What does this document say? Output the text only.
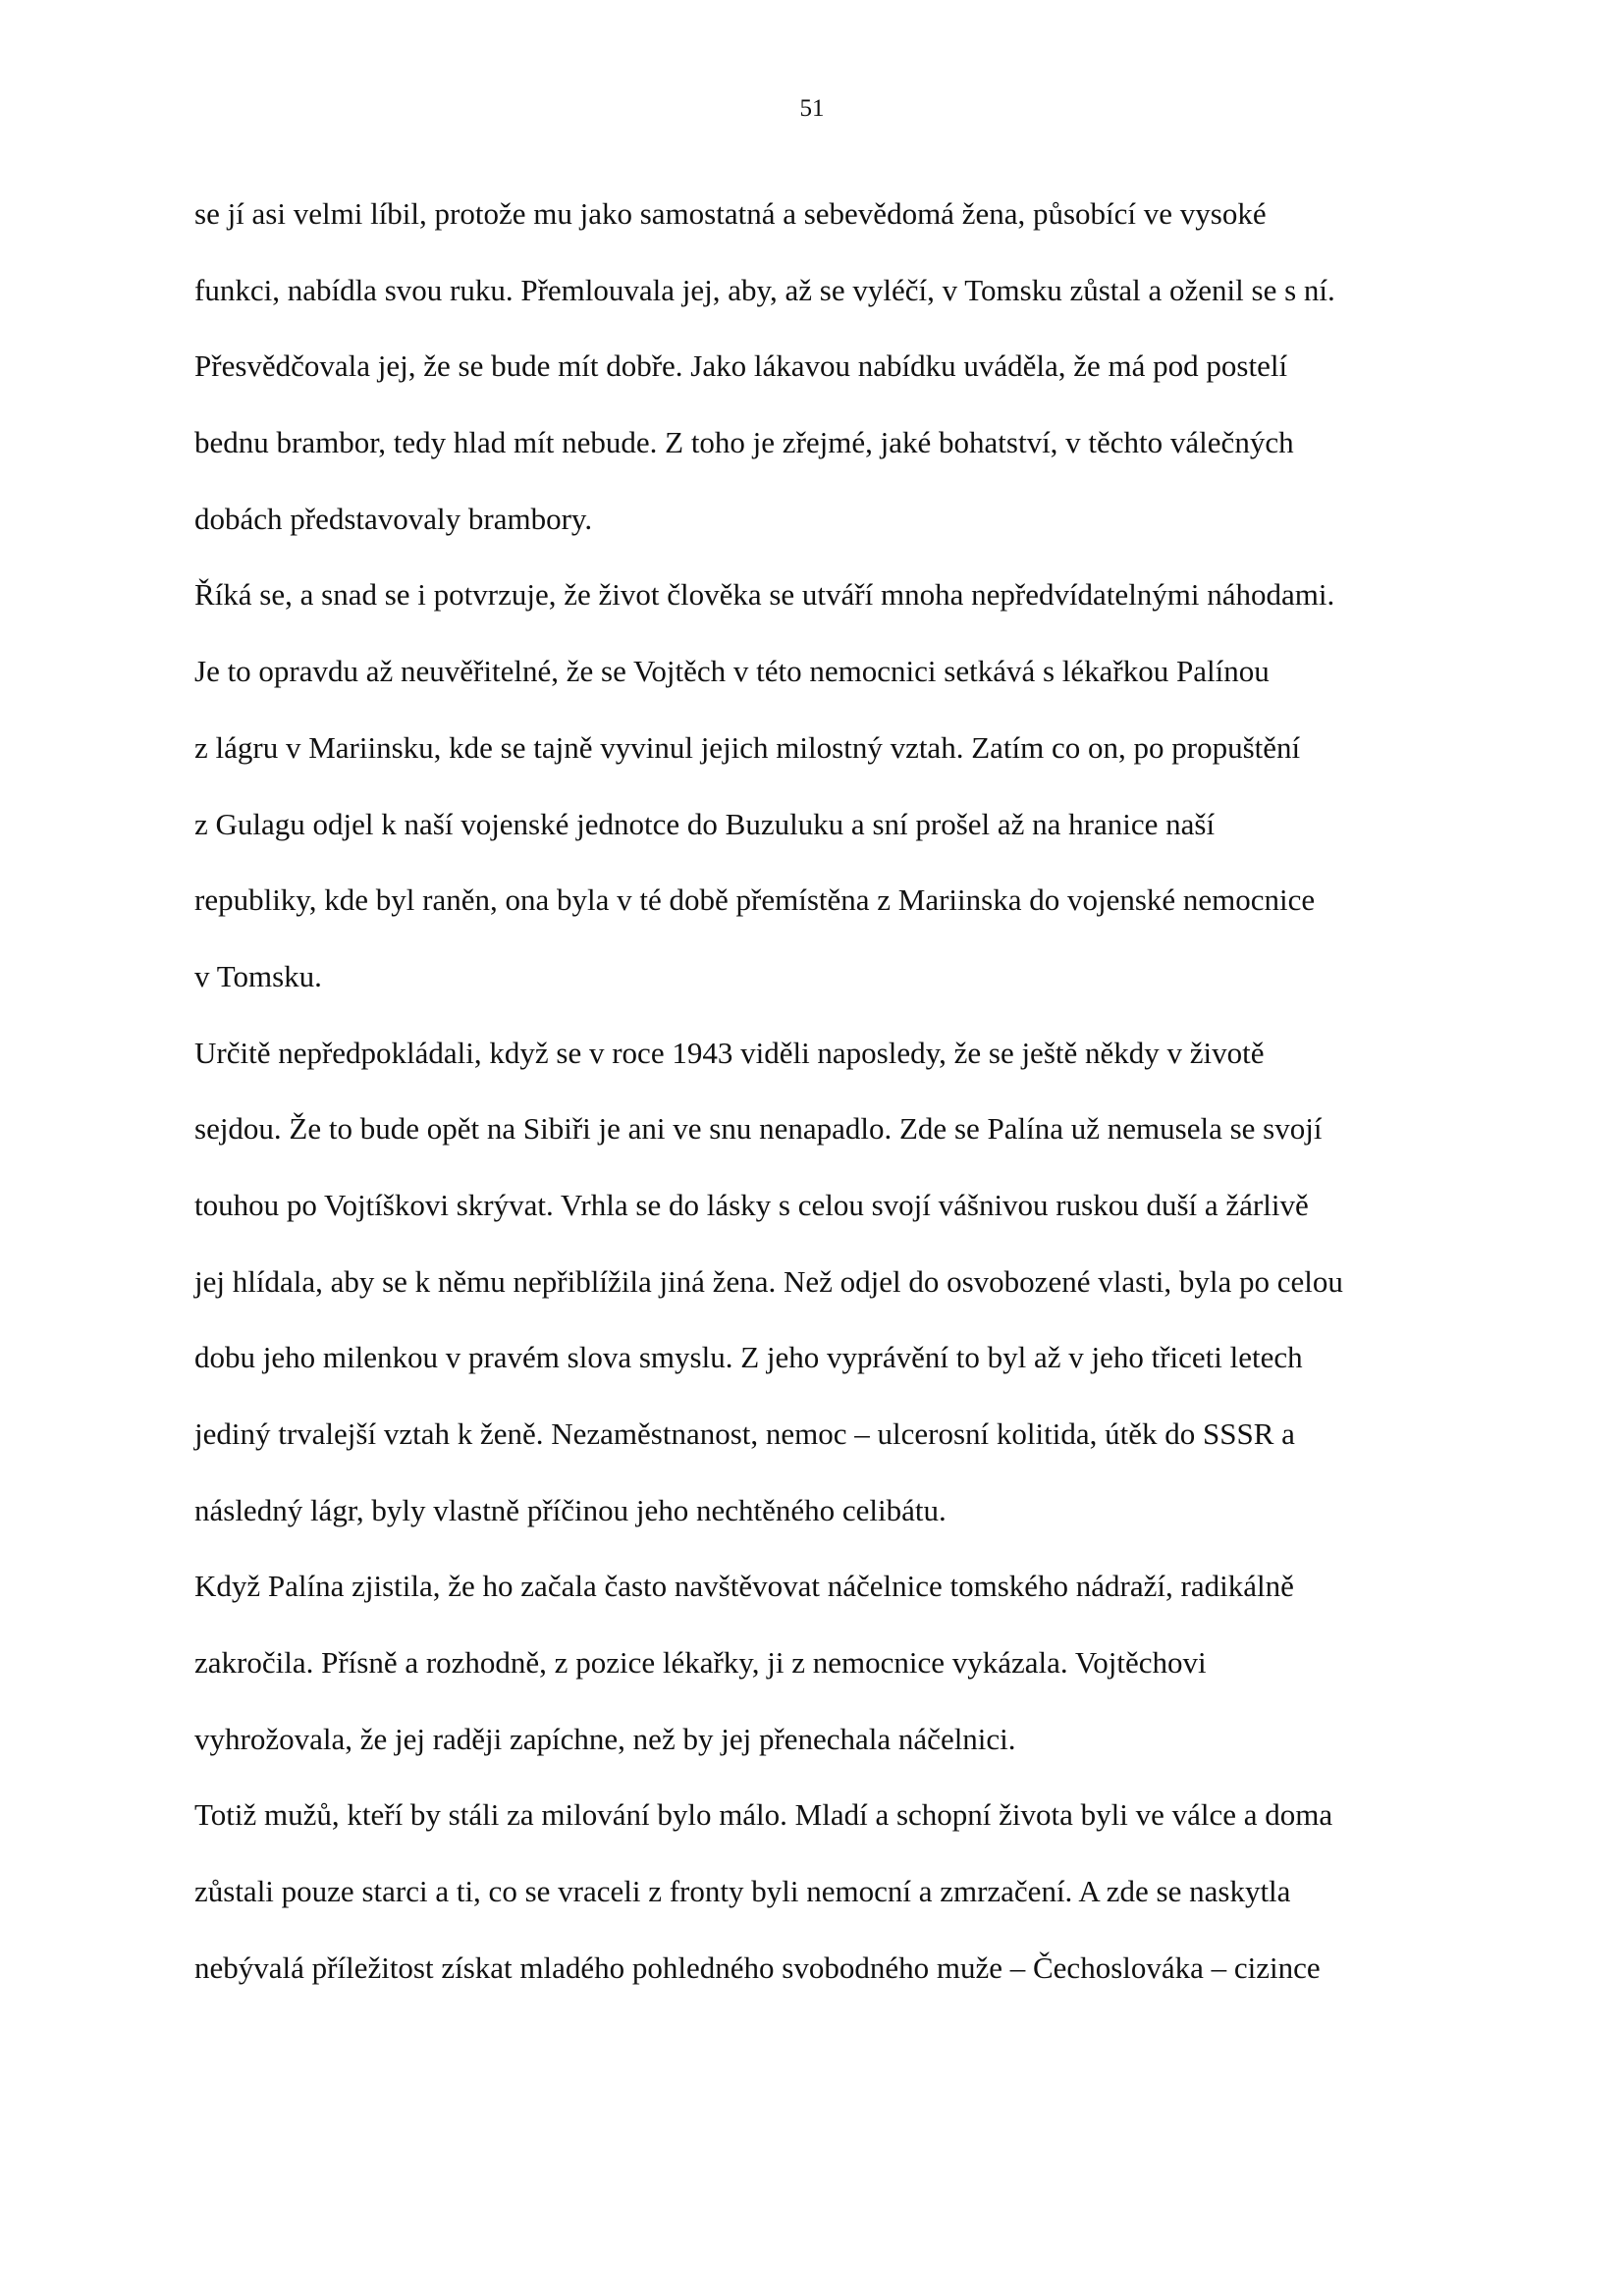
51
se jí asi velmi líbil, protože mu jako samostatná a sebevědomá žena, působící ve vysoké
funkci, nabídla svou ruku. Přemlouvala jej, aby, až se vyléčí, v Tomsku zůstal a oženil se s ní.
Přesvědčovala jej, že se bude mít dobře. Jako lákavou nabídku uváděla, že má pod postelí
bednu brambor, tedy hlad mít nebude. Z toho je zřejmé, jaké bohatství, v těchto válečných
dobách představovaly brambory.
Říká se, a snad se i potvrzuje, že život člověka se utváří mnoha nepředvídatelnými náhodami.
Je to opravdu až neuvěřitelné, že se Vojtěch v této nemocnici setkává s lékařkou Palínou
z lágru v Mariinsku, kde se tajně vyvinul jejich milostný vztah. Zatím co on, po propuštění
z Gulagu odjel k naší vojenské jednotce do Buzuluku a sní prošel až na hranice naší
republiky, kde byl raněn, ona byla v té době přemístěna z Mariinska do vojenské nemocnice
v Tomsku.
Určitě nepředpokládali, když se v roce 1943 viděli naposledy, že se ještě někdy v životě
sejdou. Že to bude opět na Sibiři je ani ve snu nenapadlo. Zde se Palína už nemusela se svojí
touhou po Vojtíškovi skrývat. Vrhla se do lásky s celou svojí vášnivou ruskou duší a žárlivě
jej hlídala, aby se k němu nepřiblížila jiná žena. Než odjel do osvobozené vlasti, byla po celou
dobu jeho milenkou v pravém slova smyslu. Z jeho vyprávění to byl až v jeho třiceti letech
jediný trvalejší vztah k ženě. Nezaměstnanost, nemoc – ulcerosní kolitida, útěk do SSSR a
následný lágr, byly vlastně příčinou jeho nechtěného celibátu.
Když Palína zjistila, že ho začala často navštěvovat náčelnice tomského nádraží, radikálně
zakročila. Přísně a rozhodně, z pozice lékařky, ji z nemocnice vykázala. Vojtěchovi
vyhrožovala, že jej raději zapíchne, než by jej přenechala náčelnici.
Totiž mužů, kteří by stáli za milování bylo málo. Mladí a schopní života byli ve válce a doma
zůstali pouze starci a ti, co se vraceli z fronty byli nemocní a zmrzačení. A zde se naskytla
nebývalá příležitost získat mladého pohledného svobodného muže – Čechoslováka – cizince
